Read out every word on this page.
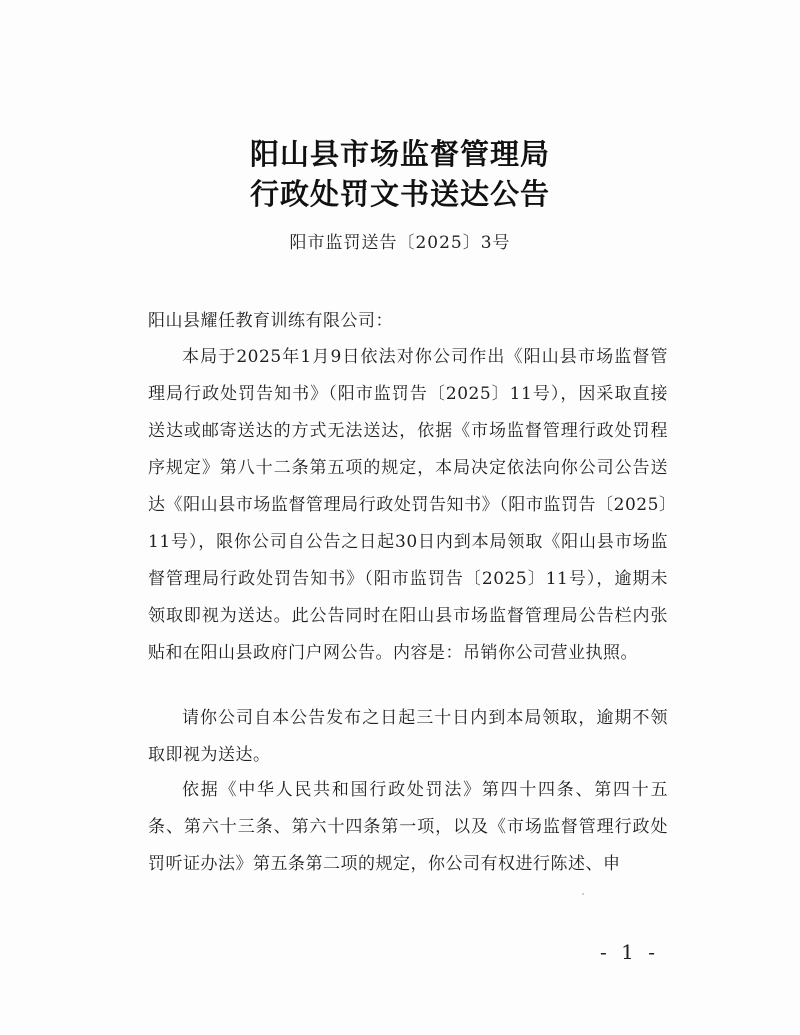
阳山县市场监督管理局
行政处罚文书送达公告
阳市监罚送告〔2025〕3号
阳山县耀任教育训练有限公司：
本局于2025年1月9日依法对你公司作出《阳山县市场监督管理局行政处罚告知书》（阳市监罚告〔2025〕11号），因采取直接送达或邮寄送达的方式无法送达，依据《市场监督管理行政处罚程序规定》第八十二条第五项的规定，本局决定依法向你公司公告送达《阳山县市场监督管理局行政处罚告知书》（阳市监罚告〔2025〕11号），限你公司自公告之日起30日内到本局领取《阳山县市场监督管理局行政处罚告知书》（阳市监罚告〔2025〕11号），逾期未领取即视为送达。此公告同时在阳山县市场监督管理局公告栏内张贴和在阳山县政府门户网公告。内容是：吊销你公司营业执照。
请你公司自本公告发布之日起三十日内到本局领取，逾期不领取即视为送达。
依据《中华人民共和国行政处罚法》第四十四条、第四十五条、第六十三条、第六十四条第一项，以及《市场监督管理行政处罚听证办法》第五条第二项的规定，你公司有权进行陈述、申
- 1 -
